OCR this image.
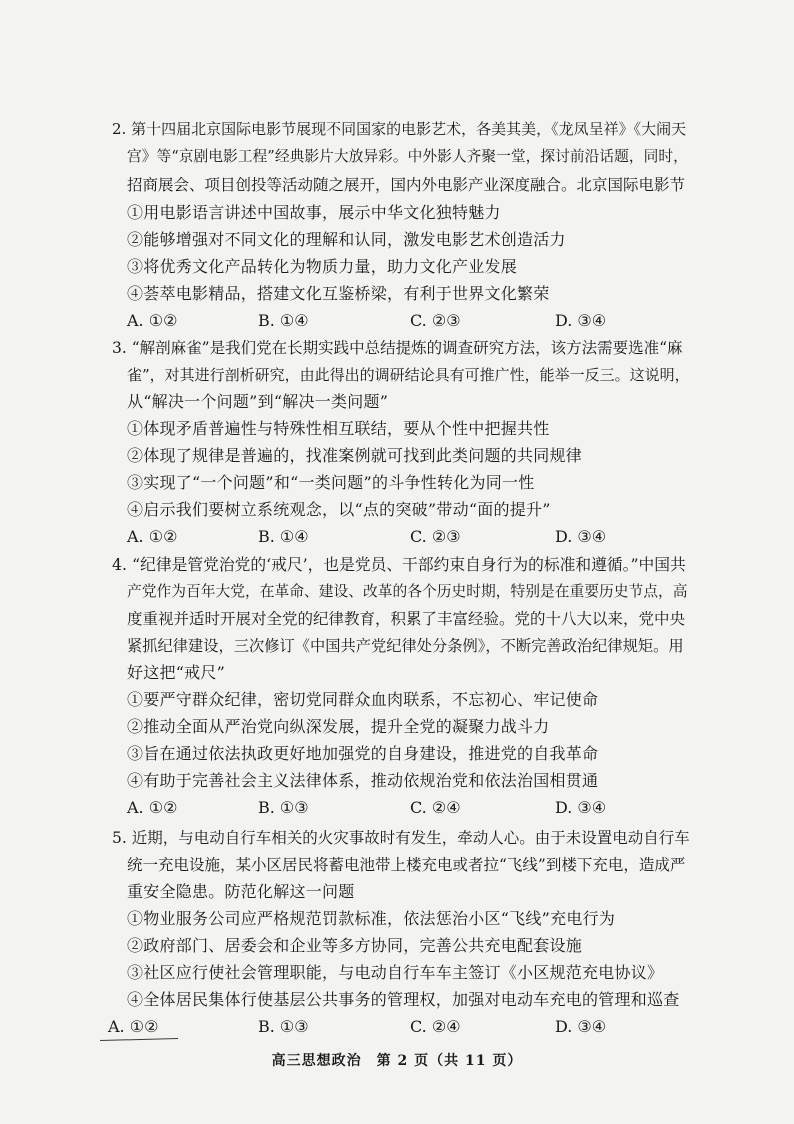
2. 第十四届北京国际电影节展现不同国家的电影艺术，各美其美，《龙凤呈祥》《大闹天
宫》等“京剧电影工程”经典影片大放异彩。中外影人齐聚一堂，探讨前沿话题，同时，
招商展会、项目创投等活动随之展开，国内外电影产业深度融合。北京国际电影节
①用电影语言讲述中国故事，展示中华文化独特魅力
②能够增强对不同文化的理解和认同，激发电影艺术创造活力
③将优秀文化产品转化为物质力量，助力文化产业发展
④荟萃电影精品，搭建文化互鉴桥梁，有利于世界文化繁荣
A. ①②	B. ①④	C. ②③	D. ③④
3. “解剖麻雀”是我们党在长期实践中总结提炼的调查研究方法，该方法需要选准“麻
雀”，对其进行剖析研究，由此得出的调研结论具有可推广性，能举一反三。这说明，
从“解决一个问题”到“解决一类问题”
①体现矛盾普遍性与特殊性相互联结，要从个性中把握共性
②体现了规律是普遍的，找准案例就可找到此类问题的共同规律
③实现了“一个问题”和“一类问题”的斗争性转化为同一性
④启示我们要树立系统观念，以“点的突破”带动“面的提升”
A. ①②	B. ①④	C. ②③	D. ③④
4. “纪律是管党治党的‘戒尺’，也是党员、干部约束自身行为的标准和遵循。”中国共
产党作为百年大党，在革命、建设、改革的各个历史时期，特别是在重要历史节点，高
度重视并适时开展对全党的纪律教育，积累了丰富经验。党的十八大以来，党中央
紧抓纪律建设，三次修订《中国共产党纪律处分条例》，不断完善政治纪律规矩。用
好这把“戒尺”
①要严守群众纪律，密切党同群众血肉联系，不忘初心、牢记使命
②推动全面从严治党向纵深发展，提升全党的凝聚力战斗力
③旨在通过依法执政更好地加强党的自身建设，推进党的自我革命
④有助于完善社会主义法律体系，推动依规治党和依法治国相贯通
A. ①②	B. ①③	C. ②④	D. ③④
5. 近期，与电动自行车相关的火灾事故时有发生，牵动人心。由于未设置电动自行车
统一充电设施，某小区居民将蓄电池带上楼充电或者拉“飞线”到楼下充电，造成严
重安全隐患。防范化解这一问题
①物业服务公司应严格规范罚款标准，依法惩治小区“飞线”充电行为
②政府部门、居委会和企业等多方协同，完善公共充电配套设施
③社区应行使社会管理职能，与电动自行车车主签订《小区规范充电协议》
④全体居民集体行使基层公共事务的管理权，加强对电动车充电的管理和巡查
A. ①②	B. ①③	C. ②④	D. ③④
高三思想政治　第 2 页（共 11 页）
